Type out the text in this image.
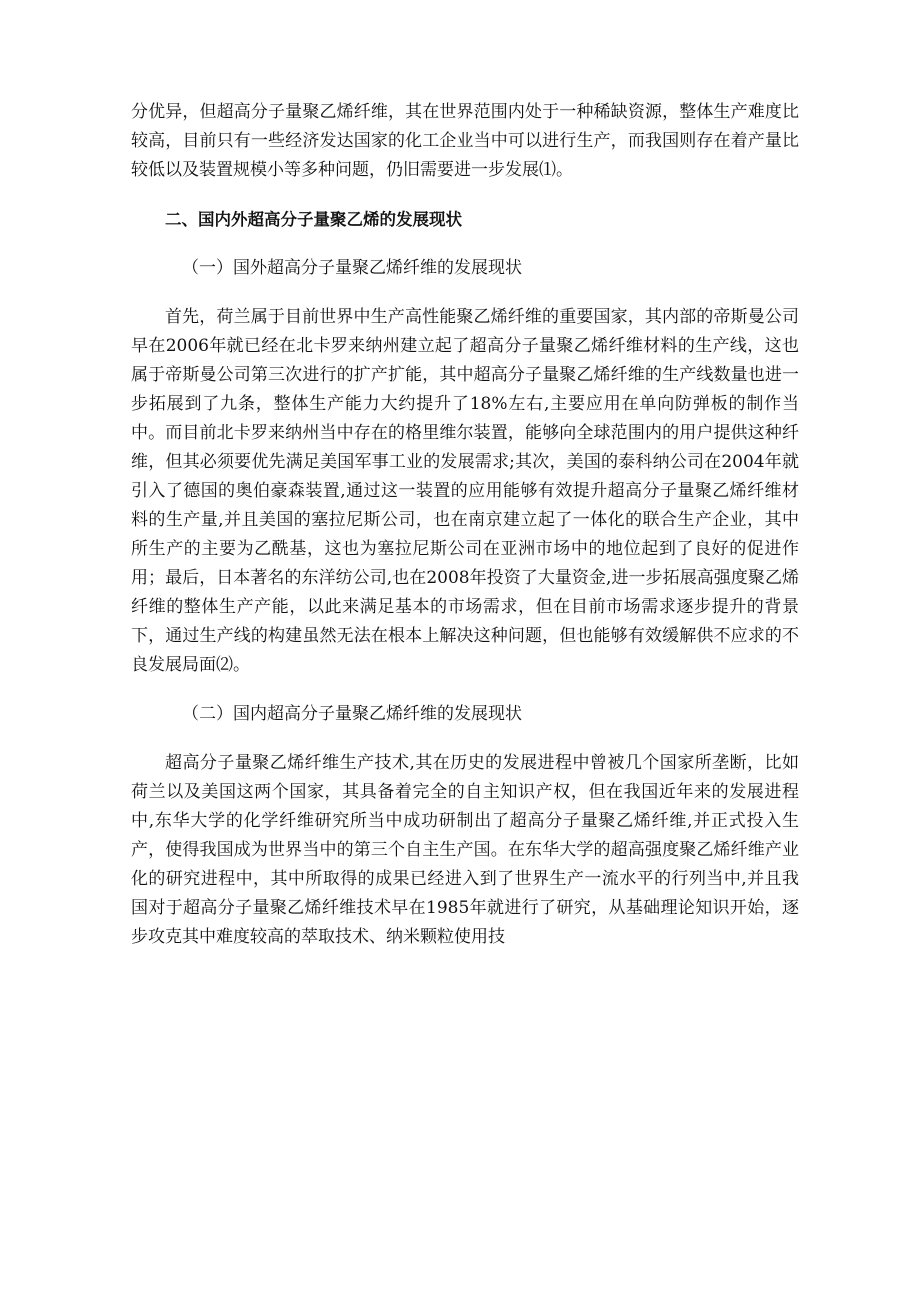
分优异，但超高分子量聚乙烯纤维，其在世界范围内处于一种稀缺资源，整体生产难度比较高，目前只有一些经济发达国家的化工企业当中可以进行生产，而我国则存在着产量比较低以及装置规模小等多种问题，仍旧需要进一步发展⑴。

二、国内外超高分子量聚乙烯的发展现状

（一）国外超高分子量聚乙烯纤维的发展现状

首先，荷兰属于目前世界中生产高性能聚乙烯纤维的重要国家，其内部的帝斯曼公司早在2006年就已经在北卡罗来纳州建立起了超高分子量聚乙烯纤维材料的生产线，这也属于帝斯曼公司第三次进行的扩产扩能，其中超高分子量聚乙烯纤维的生产线数量也进一步拓展到了九条，整体生产能力大约提升了18%左右,主要应用在单向防弹板的制作当中。而目前北卡罗来纳州当中存在的格里维尔装置，能够向全球范围内的用户提供这种纤维，但其必须要优先满足美国军事工业的发展需求;其次，美国的泰科纳公司在2004年就引入了德国的奥伯豪森装置,通过这一装置的应用能够有效提升超高分子量聚乙烯纤维材料的生产量,并且美国的塞拉尼斯公司，也在南京建立起了一体化的联合生产企业，其中所生产的主要为乙酰基，这也为塞拉尼斯公司在亚洲市场中的地位起到了良好的促进作用；最后，日本著名的东洋纺公司,也在2008年投资了大量资金,进一步拓展高强度聚乙烯纤维的整体生产产能，以此来满足基本的市场需求，但在目前市场需求逐步提升的背景下，通过生产线的构建虽然无法在根本上解决这种问题，但也能够有效缓解供不应求的不良发展局面⑵。

（二）国内超高分子量聚乙烯纤维的发展现状

超高分子量聚乙烯纤维生产技术,其在历史的发展进程中曾被几个国家所垄断，比如荷兰以及美国这两个国家，其具备着完全的自主知识产权，但在我国近年来的发展进程中,东华大学的化学纤维研究所当中成功研制出了超高分子量聚乙烯纤维,并正式投入生产，使得我国成为世界当中的第三个自主生产国。在东华大学的超高强度聚乙烯纤维产业化的研究进程中，其中所取得的成果已经进入到了世界生产一流水平的行列当中,并且我国对于超高分子量聚乙烯纤维技术早在1985年就进行了研究，从基础理论知识开始，逐步攻克其中难度较高的萃取技术、纳米颗粒使用技
